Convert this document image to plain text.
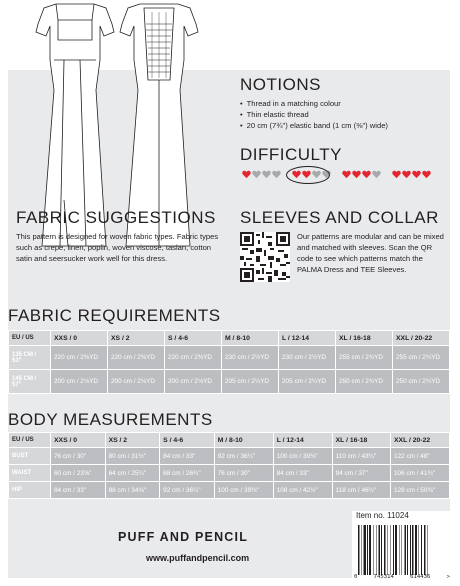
NOTIONS
• Thread in a matching colour
• Thin elastic thread
• 20 cm (7¾") elastic band (1 cm (⅜") wide)
DIFFICULTY
FABRIC SUGGESTIONS

This pattern is designed for woven fabric types. Fabric types such as crepe, linen, poplin, woven viscose, taslan, cotton satin and seersucker work well for this dress.

SLEEVES AND COLLAR

Our patterns are modular and can be mixed and matched with sleeves. Scan the QR code to see which patterns match the PALMA Dress and TEE Sleeves.

FABRIC REQUIREMENTS
EU / US	XXS / 0	XS / 2	S / 4-6	M / 8-10	L / 12-14	XL / 16-18	XXL / 20-22
135 CM / 53"	220 cm / 2⅜YD	220 cm / 2⅜YD	220 cm / 2⅜YD	230 cm / 2½YD	230 cm / 2½YD	255 cm / 2¾YD	255 cm / 2¾YD
145 CM / 57"	200 cm / 2⅛YD	200 cm / 2⅛YD	200 cm / 2⅛YD	205 cm / 2¼YD	205 cm / 2¼YD	250 cm / 2¾YD	250 cm / 2¾YD
BODY MEASUREMENTS
EU / US	XXS / 0	XS / 2	S / 4-6	M / 8-10	L / 12-14	XL / 16-18	XXL / 20-22
BUST	76 cm / 30"	80 cm / 31½"	84 cm / 33"	92 cm / 36¼"	100 cm / 39⅜"	110 cm / 43¼"	122 cm / 48"
WAIST	60 cm / 23⅝"	64 cm / 25¼"	68 cm / 26¾"	76 cm / 30"	84 cm / 33"	94 cm / 37"	106 cm / 41¾"
HIP	84 cm / 33"	88 cm / 34⅝"	92 cm / 36¼"	100 cm / 39⅜"	108 cm / 42½"	118 cm / 46½"	128 cm / 50⅜"
PUFF AND PENCIL
www.puffandpencil.com
Item no. 11024
0	745314	614436	>
